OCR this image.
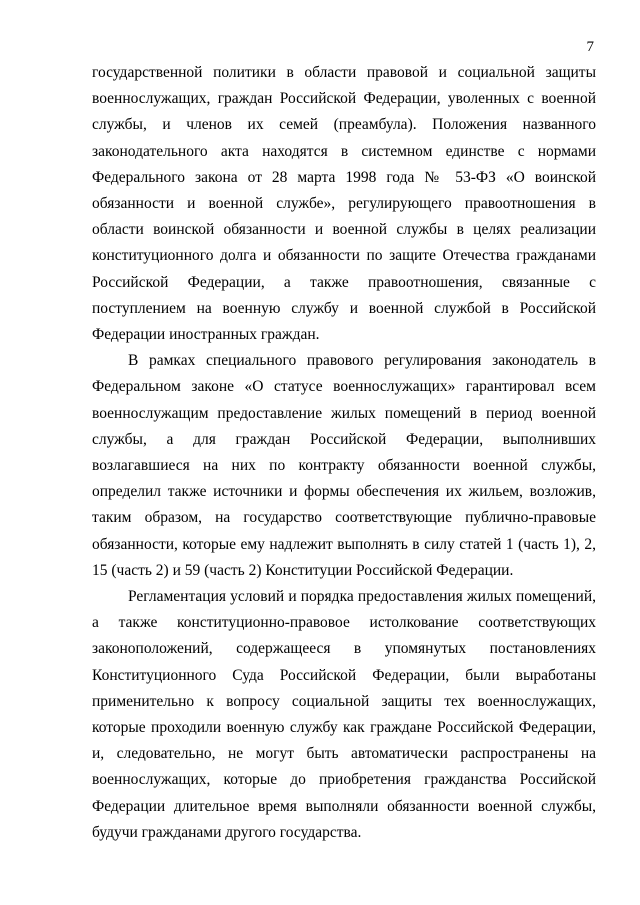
7

государственной политики в области правовой и социальной защиты военнослужащих, граждан Российской Федерации, уволенных с военной службы, и членов их семей (преамбула). Положения названного законодательного акта находятся в системном единстве с нормами Федерального закона от 28 марта 1998 года № 53-ФЗ «О воинской обязанности и военной службе», регулирующего правоотношения в области воинской обязанности и военной службы в целях реализации конституционного долга и обязанности по защите Отечества гражданами Российской Федерации, а также правоотношения, связанные с поступлением на военную службу и военной службой в Российской Федерации иностранных граждан.

В рамках специального правового регулирования законодатель в Федеральном законе «О статусе военнослужащих» гарантировал всем военнослужащим предоставление жилых помещений в период военной службы, а для граждан Российской Федерации, выполнивших возлагавшиеся на них по контракту обязанности военной службы, определил также источники и формы обеспечения их жильем, возложив, таким образом, на государство соответствующие публично-правовые обязанности, которые ему надлежит выполнять в силу статей 1 (часть 1), 2, 15 (часть 2) и 59 (часть 2) Конституции Российской Федерации.

Регламентация условий и порядка предоставления жилых помещений, а также конституционно-правовое истолкование соответствующих законоположений, содержащееся в упомянутых постановлениях Конституционного Суда Российской Федерации, были выработаны применительно к вопросу социальной защиты тех военнослужащих, которые проходили военную службу как граждане Российской Федерации, и, следовательно, не могут быть автоматически распространены на военнослужащих, которые до приобретения гражданства Российской Федерации длительное время выполняли обязанности военной службы, будучи гражданами другого государства.
